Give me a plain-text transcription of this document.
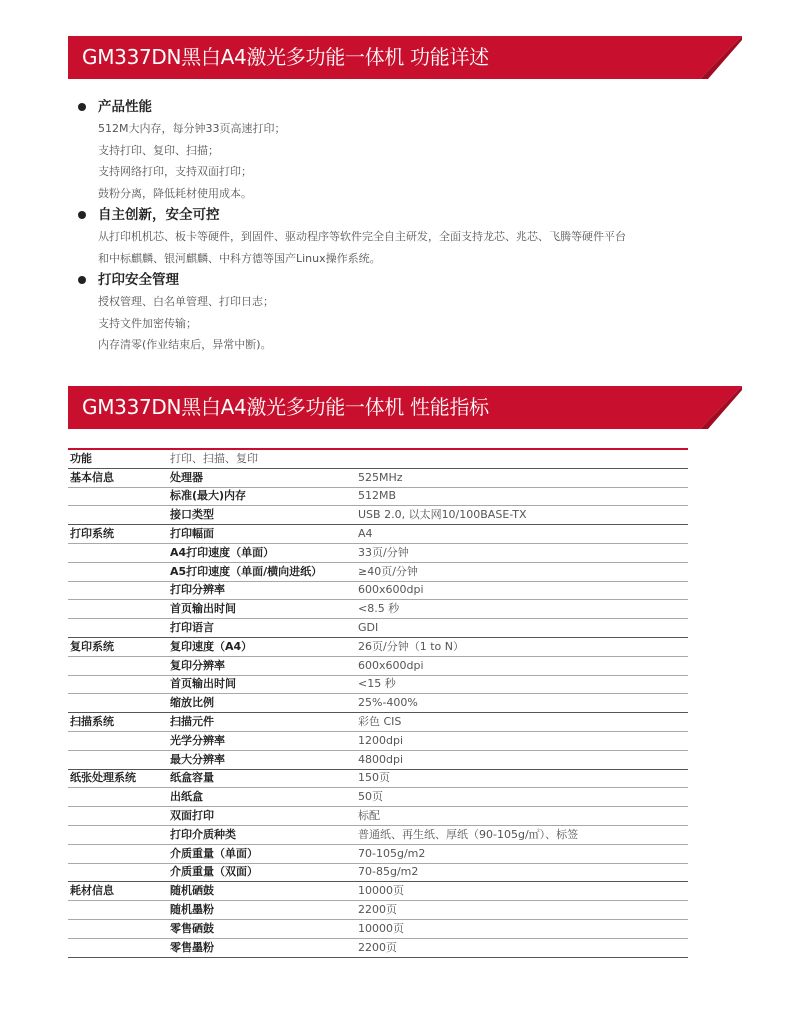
GM337DN黑白A4激光多功能一体机 功能详述
产品性能
512M大内存，每分钟33页高速打印；
支持打印、复印、扫描；
支持网络打印，支持双面打印；
鼓粉分离，降低耗材使用成本。
自主创新，安全可控
从打印机机芯、板卡等硬件，到固件、驱动程序等软件完全自主研发，全面支持龙芯、兆芯、飞腾等硬件平台
和中标麒麟、银河麒麟、中科方德等国产Linux操作系统。
打印安全管理
授权管理、白名单管理、打印日志；
支持文件加密传输；
内存清零(作业结束后，异常中断)。
GM337DN黑白A4激光多功能一体机 性能指标
功能	打印、扫描、复印	
基本信息	处理器	525MHz
	标准(最大)内存	512MB
	接口类型	USB 2.0, 以太网10/100BASE-TX
打印系统	打印幅面	A4
	A4打印速度（单面）	33页/分钟
	A5打印速度（单面/横向进纸）	≥40页/分钟
	打印分辨率	600x600dpi
	首页输出时间	<8.5 秒
	打印语言	GDI
复印系统	复印速度（A4）	26页/分钟（1 to N）
	复印分辨率	600x600dpi
	首页输出时间	<15 秒
	缩放比例	25%-400%
扫描系统	扫描元件	彩色 CIS
	光学分辨率	1200dpi
	最大分辨率	4800dpi
纸张处理系统	纸盒容量	150页
	出纸盒	50页
	双面打印	标配
	打印介质种类	普通纸、再生纸、厚纸（90-105g/㎡）、标签
	介质重量（单面）	70-105g/m2
	介质重量（双面）	70-85g/m2
耗材信息	随机硒鼓	10000页
	随机墨粉	2200页
	零售硒鼓	10000页
	零售墨粉	2200页
